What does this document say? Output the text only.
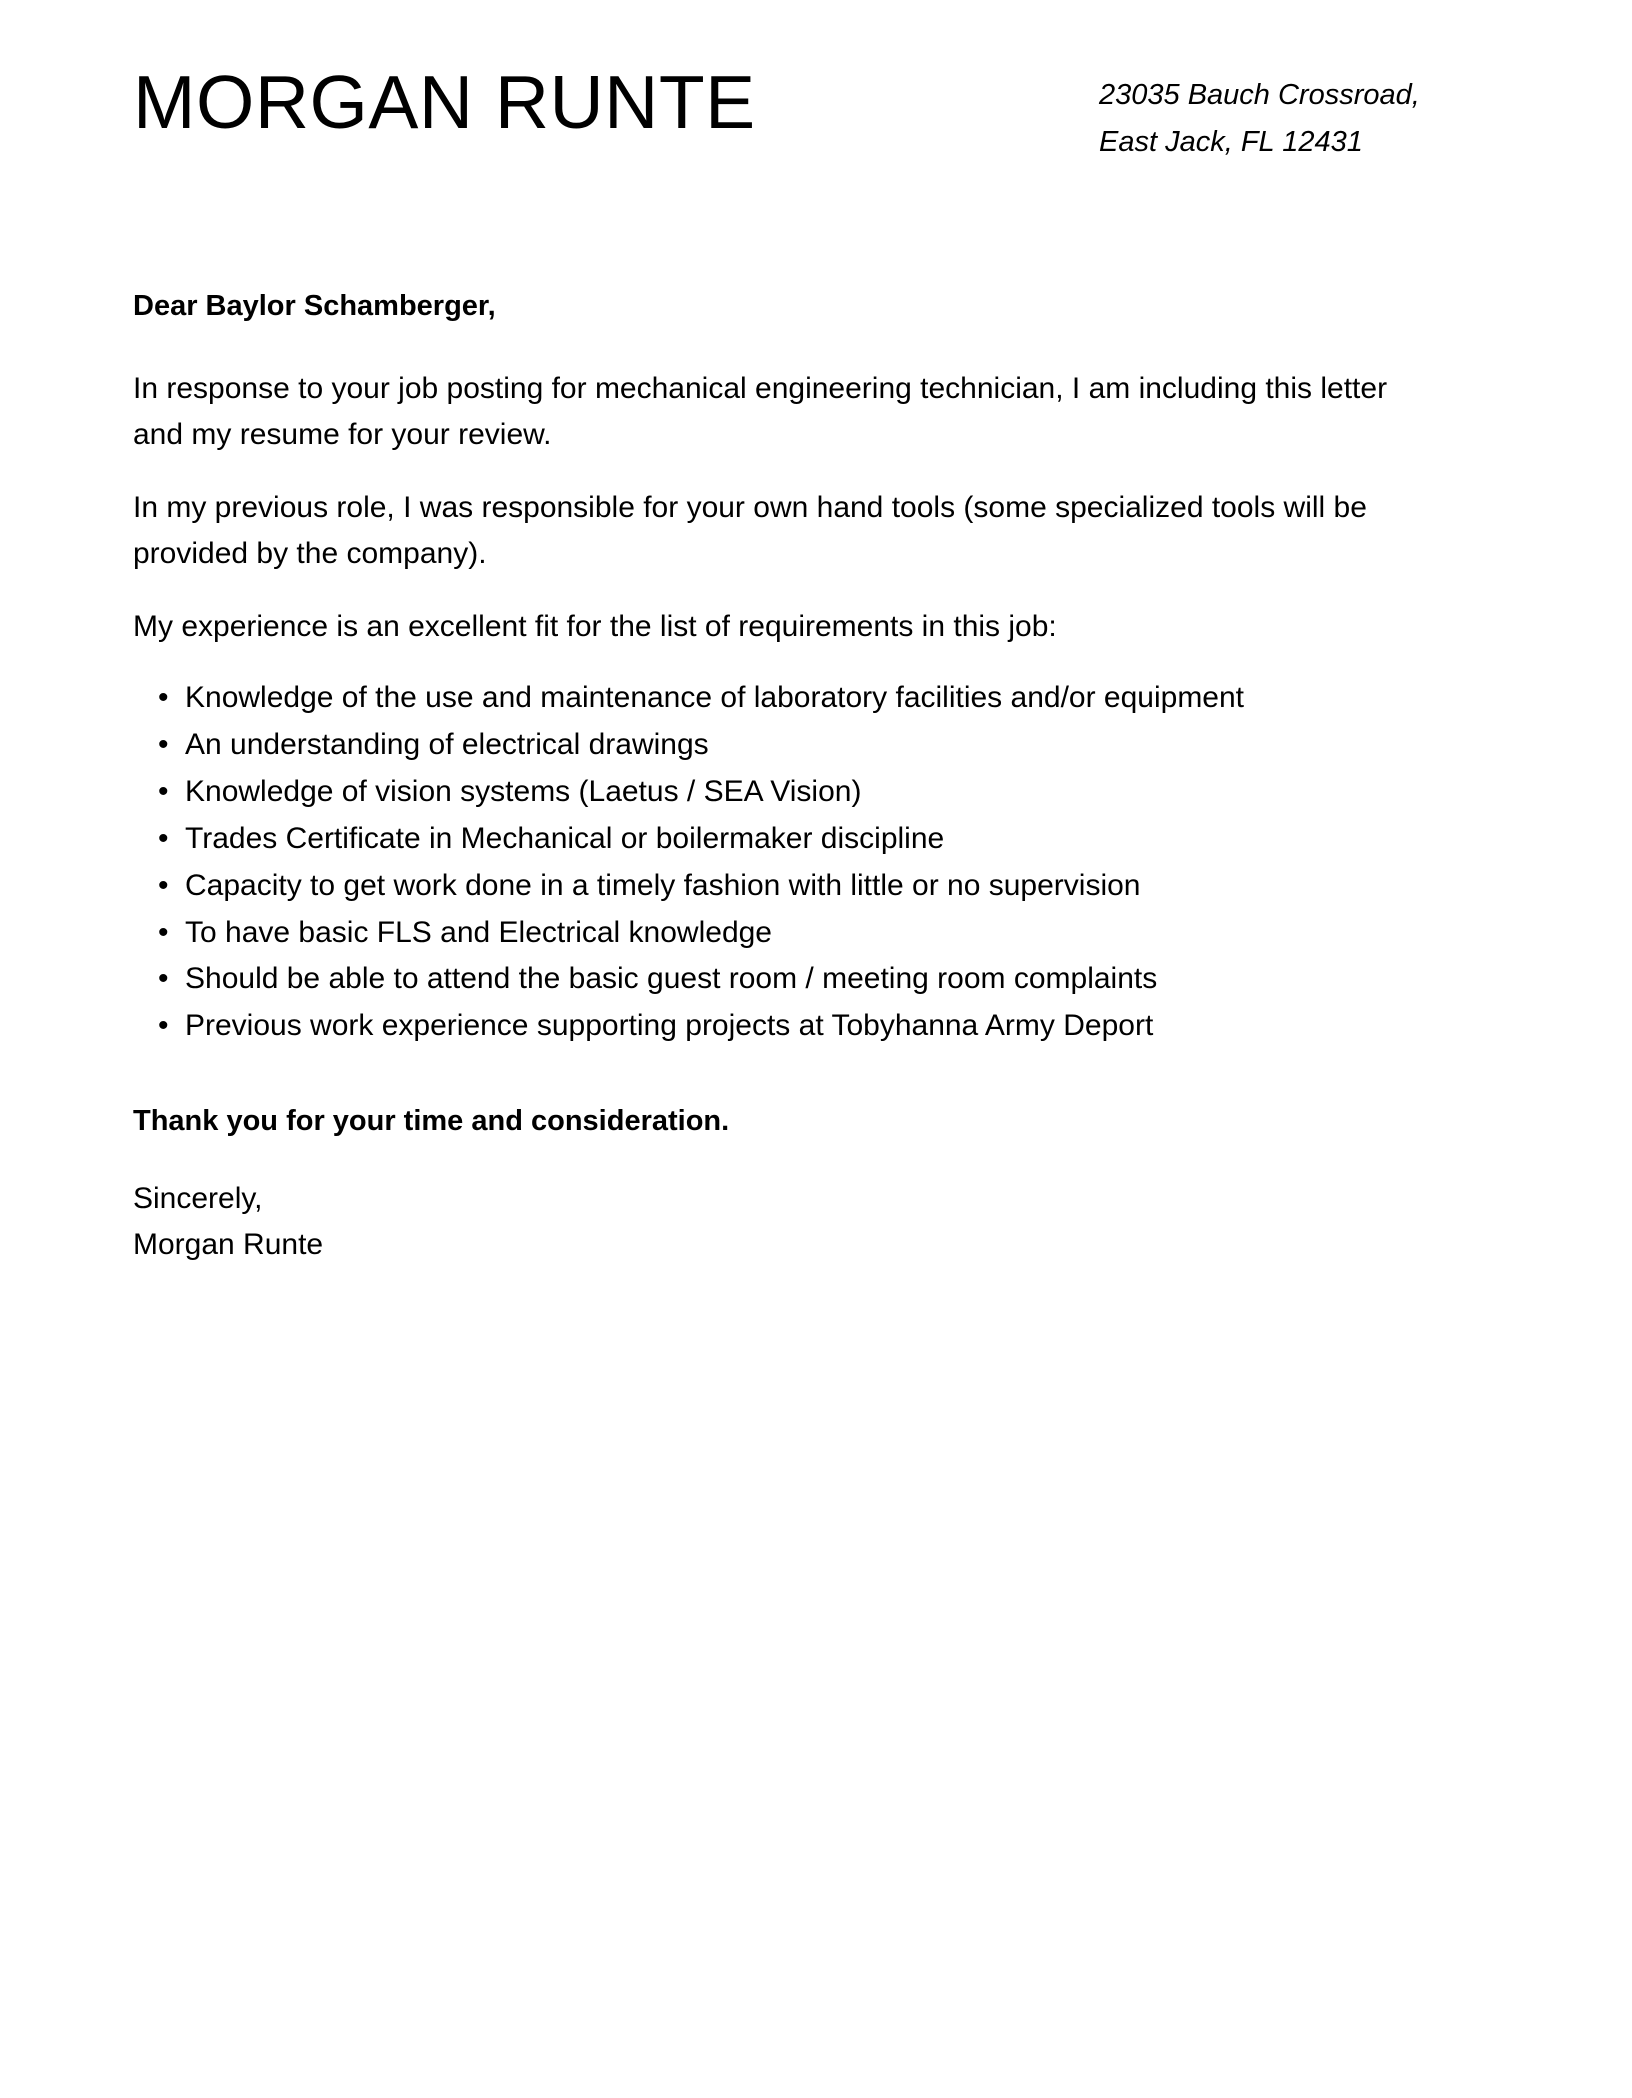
MORGAN RUNTE	23035 Bauch Crossroad,
East Jack, FL 12431

Dear Baylor Schamberger,

In response to your job posting for mechanical engineering technician, I am including this letter and my resume for your review.

In my previous role, I was responsible for your own hand tools (some specialized tools will be provided by the company).

My experience is an excellent fit for the list of requirements in this job:

• Knowledge of the use and maintenance of laboratory facilities and/or equipment
• An understanding of electrical drawings
• Knowledge of vision systems (Laetus / SEA Vision)
• Trades Certificate in Mechanical or boilermaker discipline
• Capacity to get work done in a timely fashion with little or no supervision
• To have basic FLS and Electrical knowledge
• Should be able to attend the basic guest room / meeting room complaints
• Previous work experience supporting projects at Tobyhanna Army Deport

Thank you for your time and consideration.

Sincerely,
Morgan Runte
